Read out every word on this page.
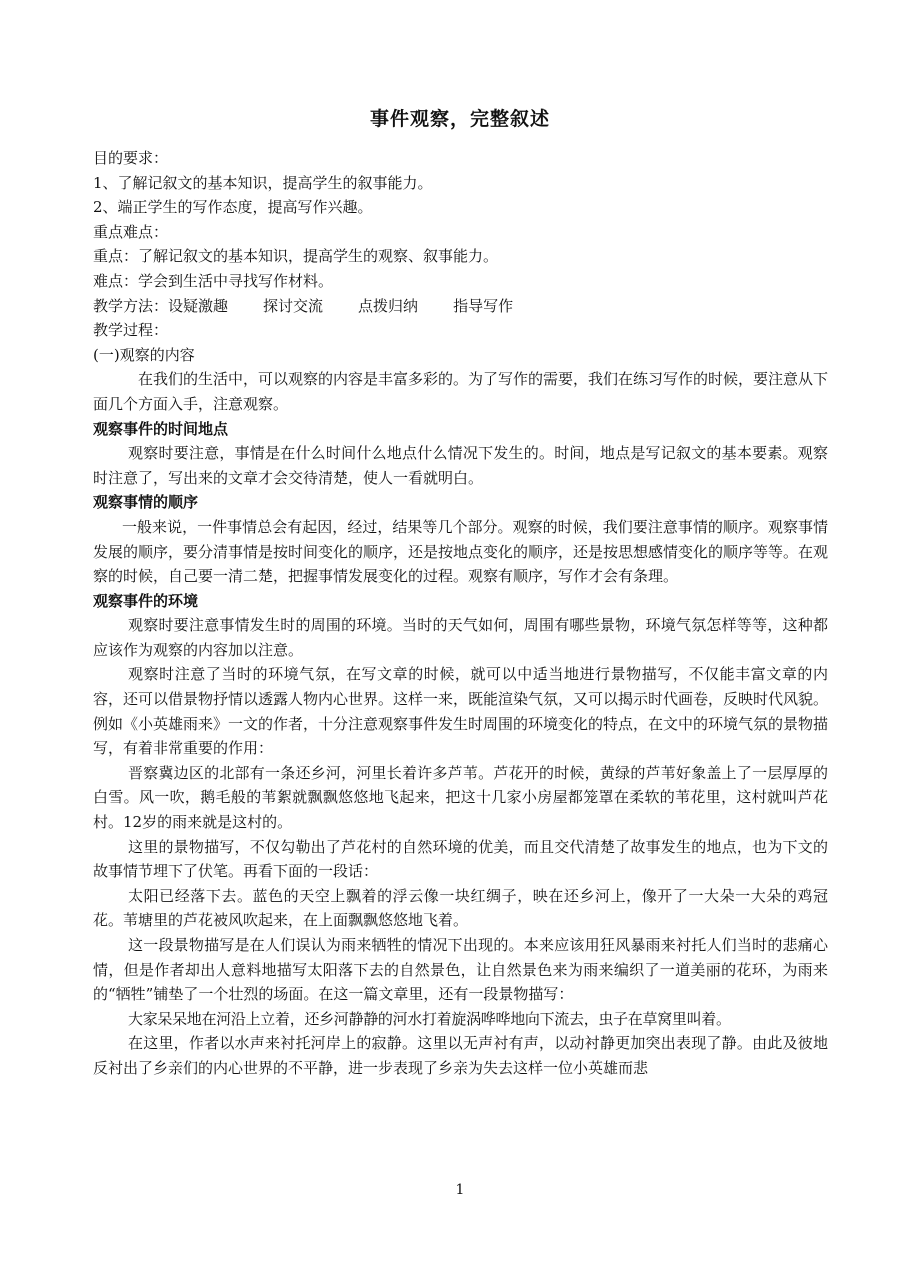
事件观察，完整叙述

目的要求：

1、了解记叙文的基本知识，提高学生的叙事能力。

2、端正学生的写作态度，提高写作兴趣。

重点难点：

重点：了解记叙文的基本知识，提高学生的观察、叙事能力。

难点：学会到生活中寻找写作材料。

教学方法：设疑激趣 探讨交流 点拨归纳 指导写作

教学过程：

(一)观察的内容

在我们的生活中，可以观察的内容是丰富多彩的。为了写作的需要，我们在练习写作的时候，要注意从下面几个方面入手，注意观察。

观察事件的时间地点

观察时要注意，事情是在什么时间什么地点什么情况下发生的。时间，地点是写记叙文的基本要素。观察时注意了，写出来的文章才会交待清楚，使人一看就明白。

观察事情的顺序

一般来说，一件事情总会有起因，经过，结果等几个部分。观察的时候，我们要注意事情的顺序。观察事情发展的顺序，要分清事情是按时间变化的顺序，还是按地点变化的顺序，还是按思想感情变化的顺序等等。在观察的时候，自己要一清二楚，把握事情发展变化的过程。观察有顺序，写作才会有条理。

观察事件的环境

观察时要注意事情发生时的周围的环境。当时的天气如何，周围有哪些景物，环境气氛怎样等等，这种都应该作为观察的内容加以注意。

观察时注意了当时的环境气氛，在写文章的时候，就可以中适当地进行景物描写，不仅能丰富文章的内容，还可以借景物抒情以透露人物内心世界。这样一来，既能渲染气氛，又可以揭示时代画卷，反映时代风貌。例如《小英雄雨来》一文的作者，十分注意观察事件发生时周围的环境变化的特点，在文中的环境气氛的景物描写，有着非常重要的作用：

晋察冀边区的北部有一条还乡河，河里长着许多芦苇。芦花开的时候，黄绿的芦苇好象盖上了一层厚厚的白雪。风一吹，鹅毛般的苇絮就飘飘悠悠地飞起来，把这十几家小房屋都笼罩在柔软的苇花里，这村就叫芦花村。12岁的雨来就是这村的。

这里的景物描写，不仅勾勒出了芦花村的自然环境的优美，而且交代清楚了故事发生的地点，也为下文的故事情节埋下了伏笔。再看下面的一段话：

太阳已经落下去。蓝色的天空上飘着的浮云像一块红绸子，映在还乡河上，像开了一大朵一大朵的鸡冠花。苇塘里的芦花被风吹起来，在上面飘飘悠悠地飞着。

这一段景物描写是在人们误认为雨来牺牲的情况下出现的。本来应该用狂风暴雨来衬托人们当时的悲痛心情，但是作者却出人意料地描写太阳落下去的自然景色，让自然景色来为雨来编织了一道美丽的花环，为雨来的“牺牲”铺垫了一个壮烈的场面。在这一篇文章里，还有一段景物描写：

大家呆呆地在河沿上立着，还乡河静静的河水打着旋涡哗哗地向下流去，虫子在草窝里叫着。

在这里，作者以水声来衬托河岸上的寂静。这里以无声衬有声，以动衬静更加突出表现了静。由此及彼地反衬出了乡亲们的内心世界的不平静，进一步表现了乡亲为失去这样一位小英雄而悲

1
